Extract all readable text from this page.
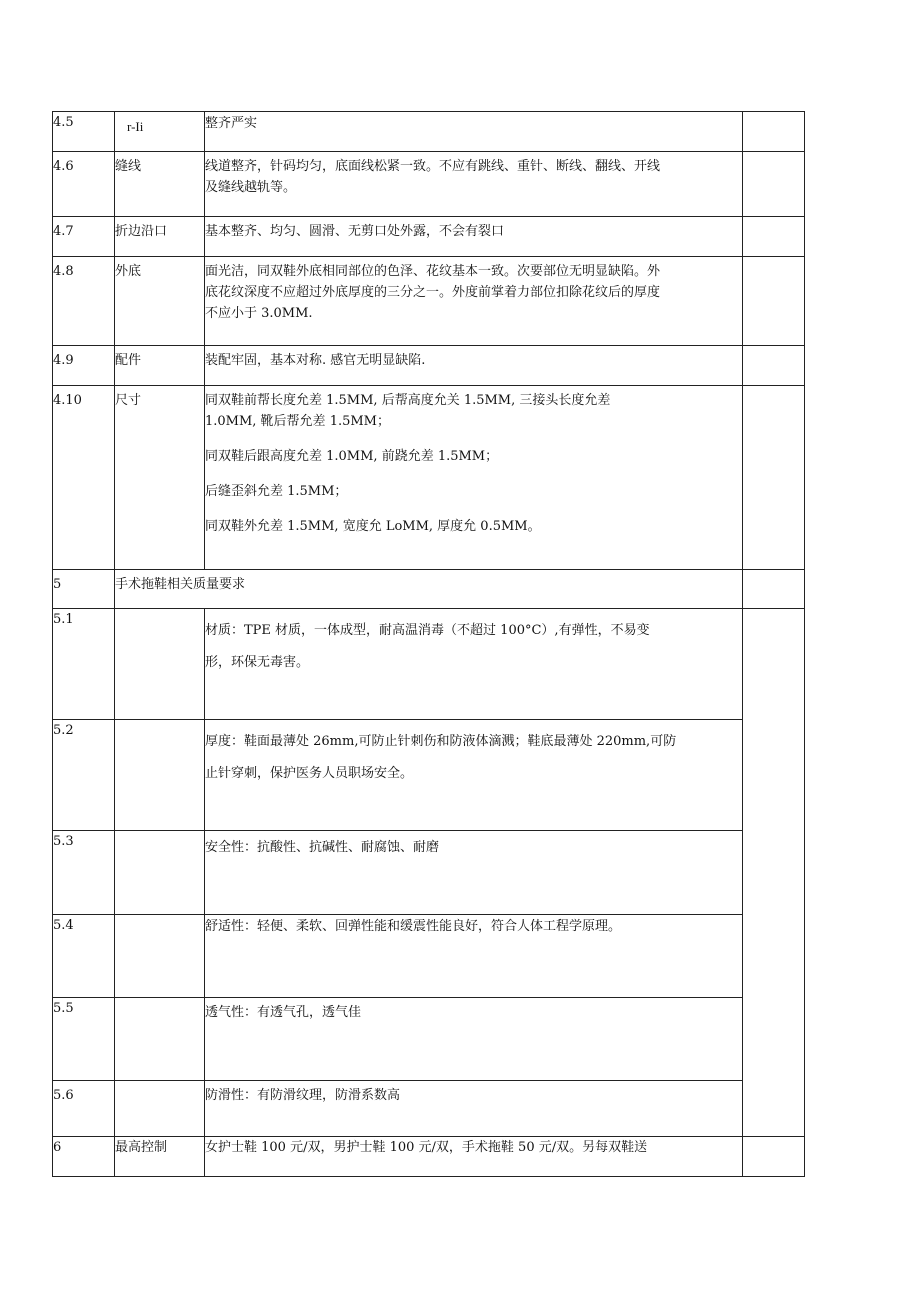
4.5	r-Ii	整齐严实	

4.6	缝线	线道整齐，针码均匀，底面线松紧一致。不应有跳线、重针、断线、翻线、开线
及缝线越轨等。	

4.7	折边沿口	基本整齐、均匀、圆滑、无剪口处外露，不会有裂口	

4.8	外底	面光洁，同双鞋外底相同部位的色泽、花纹基本一致。次要部位无明显缺陷。外
底花纹深度不应超过外底厚度的三分之一。外度前掌着力部位扣除花纹后的厚度
不应小于 3.0MM.	

4.9	配件	装配牢固，基本对称. 感官无明显缺陷.	

4.10	尺寸	同双鞋前帮长度允差 1.5MM, 后帮高度允关 1.5MM, 三接头长度允差
1.0MM, 靴后帮允差 1.5MM；
同双鞋后跟高度允差 1.0MM, 前跷允差 1.5MM；
后缝歪斜允差 1.5MM；
同双鞋外允差 1.5MM, 宽度允 LoMM, 厚度允 0.5MM。	

5	手术拖鞋相关质量要求		
5.1		材质：TPE 材质，一体成型，耐高温消毒（不超过 100°C）,有弹性，不易变
形，环保无毒害。	

5.2		厚度：鞋面最薄处 26mm,可防止针刺伤和防液体滴溅；鞋底最薄处 220mm,可防
止针穿刺，保护医务人员职场安全。	

5.3		安全性：抗酸性、抗碱性、耐腐蚀、耐磨	

5.4		舒适性：轻便、柔软、回弹性能和缓震性能良好，符合人体工程学原理。	

5.5		透气性：有透气孔，透气佳	

5.6		防滑性：有防滑纹理，防滑系数高	

6	最高控制	女护士鞋 100 元/双，男护士鞋 100 元/双，手术拖鞋 50 元/双。另每双鞋送	
